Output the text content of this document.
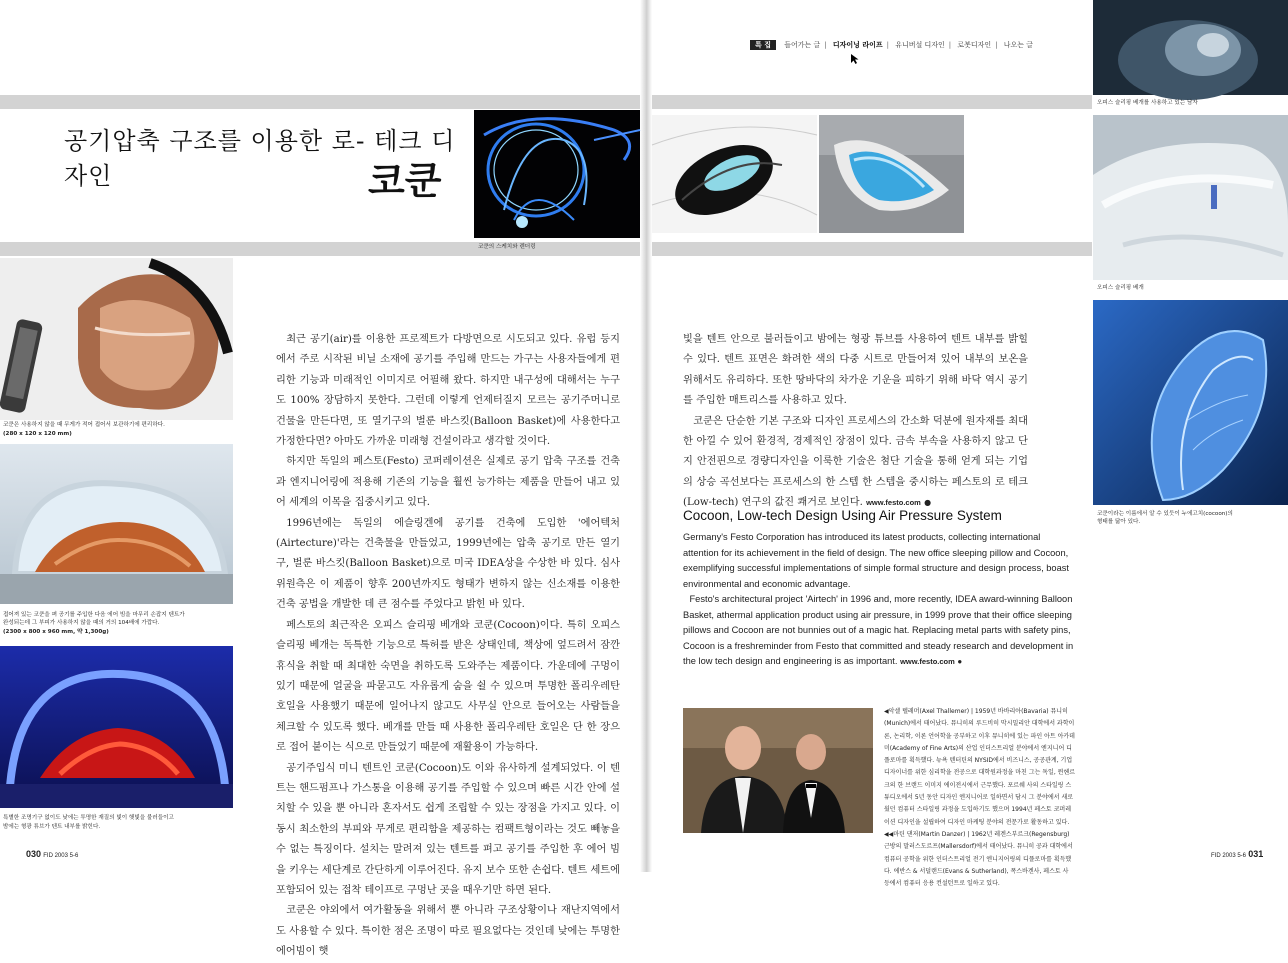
공기압축 구조를 이용한 로- 테크 디자인	코쿤
코쿤의 스케치와 렌더링
코쿤은 사용하지 않을 때 무게가 적어 접어서 보관하기에 편리하다.
(280 x 120 x 120 mm)
접어져 있는 코쿤을 펴 공기를 주입한 다음 에어 빔을 마무리 손잡지 텐트가
완성되는데 그 부피가 사용하지 않을 때의 거의 104배에 가깝다.
(2300 x 800 x 960 mm, 약 1,300g)
특별한 조명기구 없이도 낮에는 투명한 재질의 빛이 햇빛을 불러들이고
밤에는 형광 튜브가 텐트 내부를 밝힌다.

최근 공기(air)를 이용한 프로젝트가 다방면으로 시도되고 있다. 유럽 등지에서 주로 시작된 비닐 소재에 공기를 주입해 만드는 가구는 사용자들에게 편리한 기능과 미래적인 이미지로 어필해 왔다. 하지만 내구성에 대해서는 누구도 100% 장담하지 못한다. 그런데 이렇게 언제터질지 모르는 공기주머니로 건물을 만든다면, 또 열기구의 벌룬 바스킷(Balloon Basket)에 사용한다고 가정한다면? 아마도 가까운 미래형 건설이라고 생각할 것이다.

하지만 독일의 페스토(Festo) 코퍼레이션은 실제로 공기 압축 구조를 건축과 엔지니어링에 적용해 기존의 기능을 훨씬 능가하는 제품을 만들어 내고 있어 세계의 이목을 집중시키고 있다.

1996년에는 독일의 에슬링겐에 공기를 건축에 도입한 '에어텍처(Airtecture)'라는 건축물을 만들었고, 1999년에는 압축 공기로 만든 열기구, 벌룬 바스킷(Balloon Basket)으로 미국 IDEA상을 수상한 바 있다. 심사위원측은 이 제품이 향후 200년까지도 형태가 변하지 않는 신소재를 이용한 건축 공법을 개발한 데 큰 점수를 주었다고 밝힌 바 있다.

페스토의 최근작은 오피스 슬리핑 베개와 코쿤(Cocoon)이다. 특히 오피스 슬리핑 베개는 독특한 기능으로 특허를 받은 상태인데, 책상에 엎드려서 잠깐 휴식을 취할 때 최대한 숙면을 취하도록 도와주는 제품이다. 가운데에 구멍이 있기 때문에 얼굴을 파묻고도 자유롭게 숨을 쉴 수 있으며 투명한 폴리우레탄 호일을 사용했기 때문에 일어나지 않고도 사무실 안으로 들어오는 사람들을 체크할 수 있도록 했다. 베개를 만들 때 사용한 폴리우레탄 호일은 단 한 장으로 접어 붙이는 식으로 만들었기 때문에 재활용이 가능하다.

공기주입식 미니 텐트인 코쿤(Cocoon)도 이와 유사하게 설계되었다. 이 텐트는 핸드펌프나 가스통을 이용해 공기를 주입할 수 있으며 빠른 시간 안에 설치할 수 있을 뿐 아니라 혼자서도 쉽게 조립할 수 있는 장점을 가지고 있다. 이동시 최소한의 부피와 무게로 편리함을 제공하는 컴팩트형이라는 것도 빼놓을 수 없는 특징이다. 설치는 말려져 있는 텐트를 펴고 공기를 주입한 후 에어 빔을 키우는 세단계로 간단하게 이루어진다. 유지 보수 또한 손쉽다. 텐트 세트에 포함되어 있는 접착 테이프로 구멍난 곳을 때우기만 하면 된다.

코쿤은 야외에서 여가활동을 위해서 뿐 아니라 구조상황이나 재난지역에서도 사용할 수 있다. 특이한 점은 조명이 따로 필요없다는 것인데 낮에는 투명한 에어빔이 햇

030 FID 2003 5-6
특 집 들어가는 글 | 디자이닝 라이프 | 유니버설 디자인 | 로봇디자인 | 나오는 글

빛을 텐트 안으로 불러들이고 밤에는 형광 튜브를 사용하여 텐트 내부를 밝힐 수 있다. 텐트 표면은 화려한 색의 다중 시트로 만들어져 있어 내부의 보온을 위해서도 유리하다. 또한 땅바닥의 차가운 기운을 피하기 위해 바닥 역시 공기를 주입한 매트리스를 사용하고 있다.

코쿤은 단순한 기본 구조와 디자인 프로세스의 간소화 덕분에 원자재를 최대한 아낄 수 있어 환경적, 경제적인 장점이 있다. 금속 부속을 사용하지 않고 단지 안전핀으로 경량디자인을 이룩한 기술은 첨단 기술을 통해 얻게 되는 기업의 상승 곡선보다는 프로세스의 한 스텝 한 스텝을 중시하는 페스토의 로 테크(Low-tech) 연구의 값진 쾌거로 보인다. www.festo.com ●

Cocoon, Low-tech Design Using Air Pressure System

Germany's Festo Corporation has introduced its latest products, collecting international attention for its achievement in the field of design. The new office sleeping pillow and Cocoon, exemplifying successful implementations of simple formal structure and design process, boast environmental and economic advantage.

Festo's architectural project 'Airtech' in 1996 and, more recently, IDEA award-winning Balloon Basket, athermal application product using air pressure, in 1999 prove that their office sleeping pillows and Cocoon are not bunnies out of a magic hat. Replacing metal parts with safety pins, Cocoon is a freshreminder from Festo that committed and steady research and development in the low tech design and engineering is as important. www.festo.com ●

◀악셀 텔레머(Axel Thallemer) | 1959년 바바리아(Bavaria) 뮤니히(Munich)에서 태어났다. 뮤니히의 루드비히 막시밀리안 대학에서 과학이론, 논리학, 이론 언어학을 공부하고 이후 뮤니히에 있는 파인 아트 아카데미(Academy of Fine Arts)의 산업 인더스트리얼 분야에서 엔지니어 디플로마를 획득했다. 뉴욕 텐터틴의 NYSID에서 비즈니스, 공공관계, 기업 디자이너를 위한 심리학을 전공으로 대학원과정을 마친 그는 독일, 뮌헨르크의 한 브랜드 이미지 에이전시에서 근무했다. 포르쉐 사의 스타일링 스튜디오에서 5년 동안 디자인 엔지니어로 일하면서 담시 그 분야에서 새로웠던 컴퓨터 스타일링 과정을 도입하기도 했으며 1994년 페스토 코퍼레이션 디자인을 설립하여 디자인 마케팅 분야의 전문가로 활동하고 있다.

◀◀마틴 댄저(Martin Danzer) | 1962년 레겐스부르크(Regensburg) 근방의 말러스도르프(Mallersdorf)에서 태어났다. 뮤니히 공과 대학에서 컴퓨터 공학을 위한 인더스트리얼 전기 엔니지어링의 디플로마를 획득했다. 에반스 & 서덜랜드(Evans & Sutherland), 폭스바겐사, 페스토 사 등에서 컴퓨터 응용 컨설턴트로 일하고 있다.

FID 2003 5-6 031
오피스 슬리핑 베개를 사용하고 있는 남자
오피스 슬리핑 베개
코쿤이라는 이름에서 알 수 있듯이 누에고치(cocoon)의
형태를 닮아 있다.
